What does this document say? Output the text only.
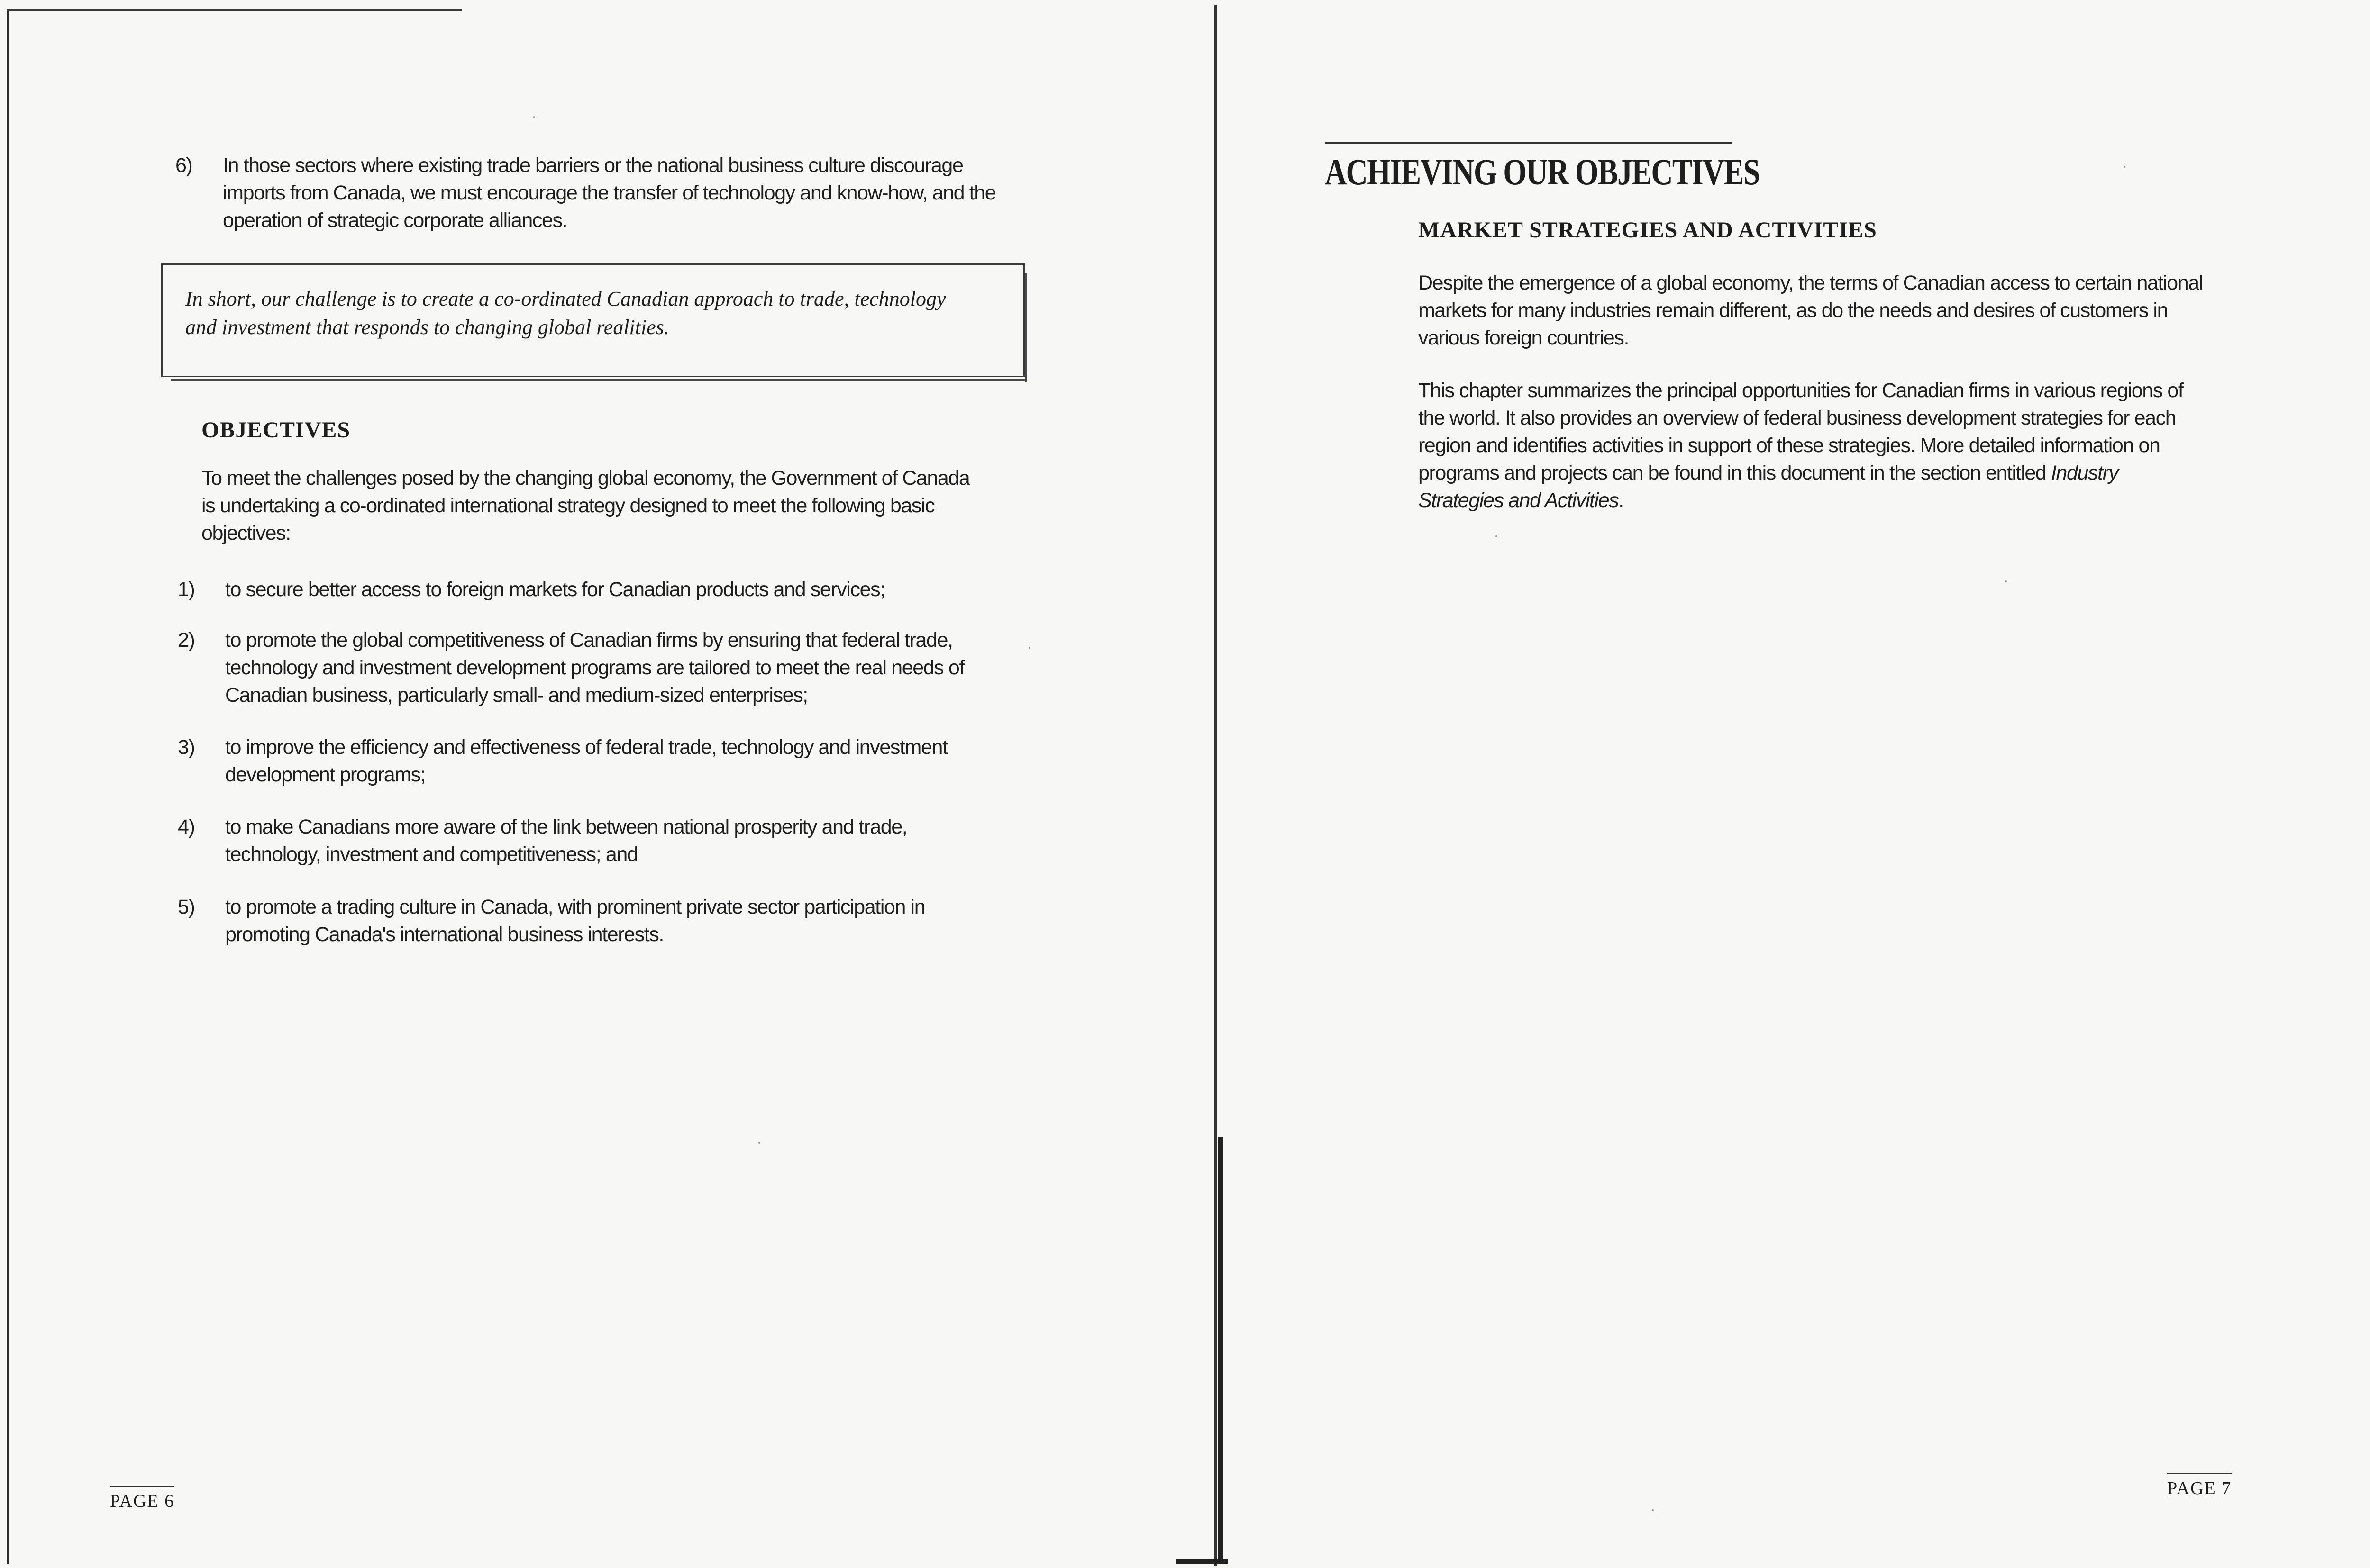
6) In those sectors where existing trade barriers or the national business culture discourage
imports from Canada, we must encourage the transfer of technology and know-how, and the
operation of strategic corporate alliances.
In short, our challenge is to create a co-ordinated Canadian approach to trade, technology
and investment that responds to changing global realities.
OBJECTIVES
To meet the challenges posed by the changing global economy, the Government of Canada
is undertaking a co-ordinated international strategy designed to meet the following basic
objectives:
1) to secure better access to foreign markets for Canadian products and services;
2) to promote the global competitiveness of Canadian firms by ensuring that federal trade,
technology and investment development programs are tailored to meet the real needs of
Canadian business, particularly small- and medium-sized enterprises;
3) to improve the efficiency and effectiveness of federal trade, technology and investment
development programs;
4) to make Canadians more aware of the link between national prosperity and trade,
technology, investment and competitiveness; and
5) to promote a trading culture in Canada, with prominent private sector participation in
promoting Canada's international business interests.
PAGE 6
ACHIEVING OUR OBJECTIVES
MARKET STRATEGIES AND ACTIVITIES
Despite the emergence of a global economy, the terms of Canadian access to certain national
markets for many industries remain different, as do the needs and desires of customers in
various foreign countries.
This chapter summarizes the principal opportunities for Canadian firms in various regions of
the world. It also provides an overview of federal business development strategies for each
region and identifies activities in support of these strategies. More detailed information on
programs and projects can be found in this document in the section entitled Industry
Strategies and Activities.
PAGE 7
